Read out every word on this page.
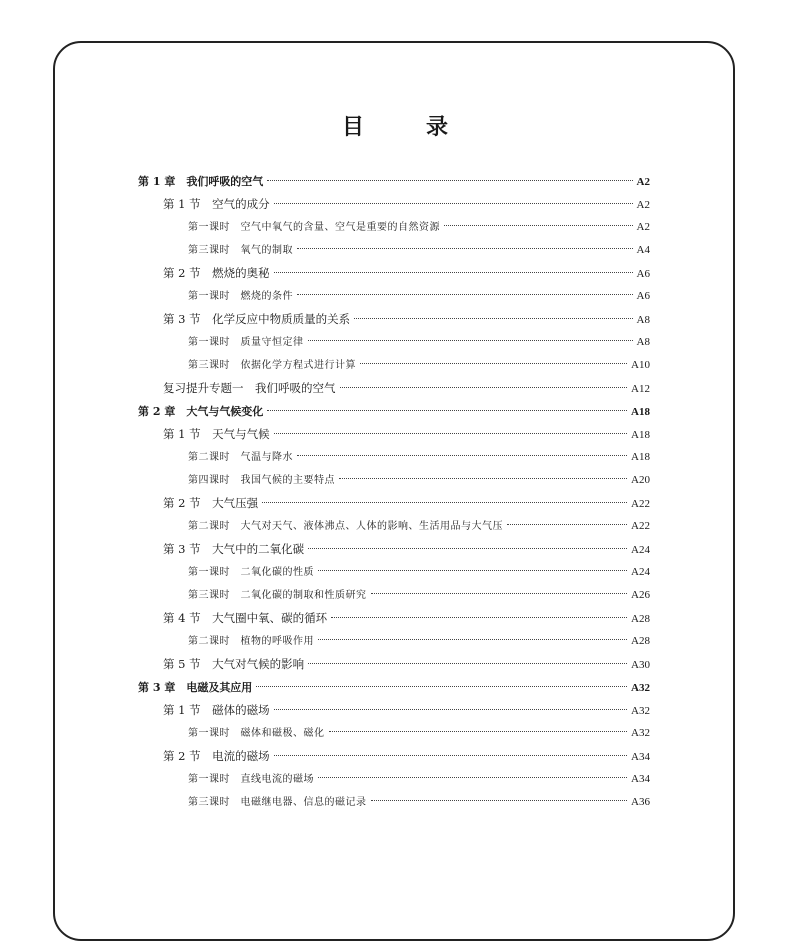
目　录
第 1 章　我们呼吸的空气	A2
第 1 节　空气的成分	A2
第一课时　空气中氧气的含量、空气是重要的自然资源	A2
第三课时　氧气的制取	A4
第 2 节　燃烧的奥秘	A6
第一课时　燃烧的条件	A6
第 3 节　化学反应中物质质量的关系	A8
第一课时　质量守恒定律	A8
第三课时　依据化学方程式进行计算	A10
复习提升专题一　我们呼吸的空气	A12
第 2 章　大气与气候变化	A18
第 1 节　天气与气候	A18
第二课时　气温与降水	A18
第四课时　我国气候的主要特点	A20
第 2 节　大气压强	A22
第二课时　大气对天气、液体沸点、人体的影响、生活用品与大气压	A22
第 3 节　大气中的二氧化碳	A24
第一课时　二氧化碳的性质	A24
第三课时　二氧化碳的制取和性质研究	A26
第 4 节　大气圈中氧、碳的循环	A28
第二课时　植物的呼吸作用	A28
第 5 节　大气对气候的影响	A30
第 3 章　电磁及其应用	A32
第 1 节　磁体的磁场	A32
第一课时　磁体和磁极、磁化	A32
第 2 节　电流的磁场	A34
第一课时　直线电流的磁场	A34
第三课时　电磁继电器、信息的磁记录	A36
